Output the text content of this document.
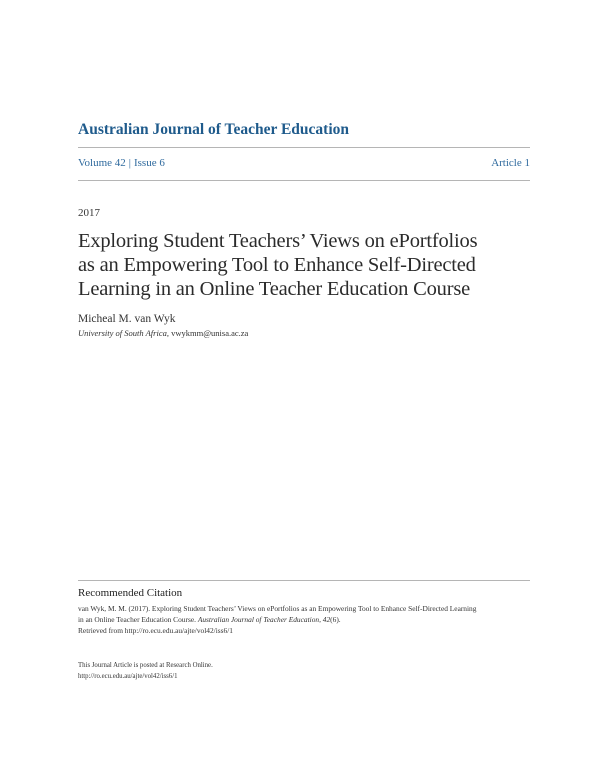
Australian Journal of Teacher Education
Volume 42 | Issue 6	Article 1
2017
Exploring Student Teachers’ Views on ePortfolios
as an Empowering Tool to Enhance Self-Directed
Learning in an Online Teacher Education Course
Micheal M. van Wyk
University of South Africa, vwykmm@unisa.ac.za
Recommended Citation

van Wyk, M. M. (2017). Exploring Student Teachers’ Views on ePortfolios as an Empowering Tool to Enhance Self-Directed Learning

in an Online Teacher Education Course. Australian Journal of Teacher Education, 42(6).

Retrieved from http://ro.ecu.edu.au/ajte/vol42/iss6/1

This Journal Article is posted at Research Online.

http://ro.ecu.edu.au/ajte/vol42/iss6/1
